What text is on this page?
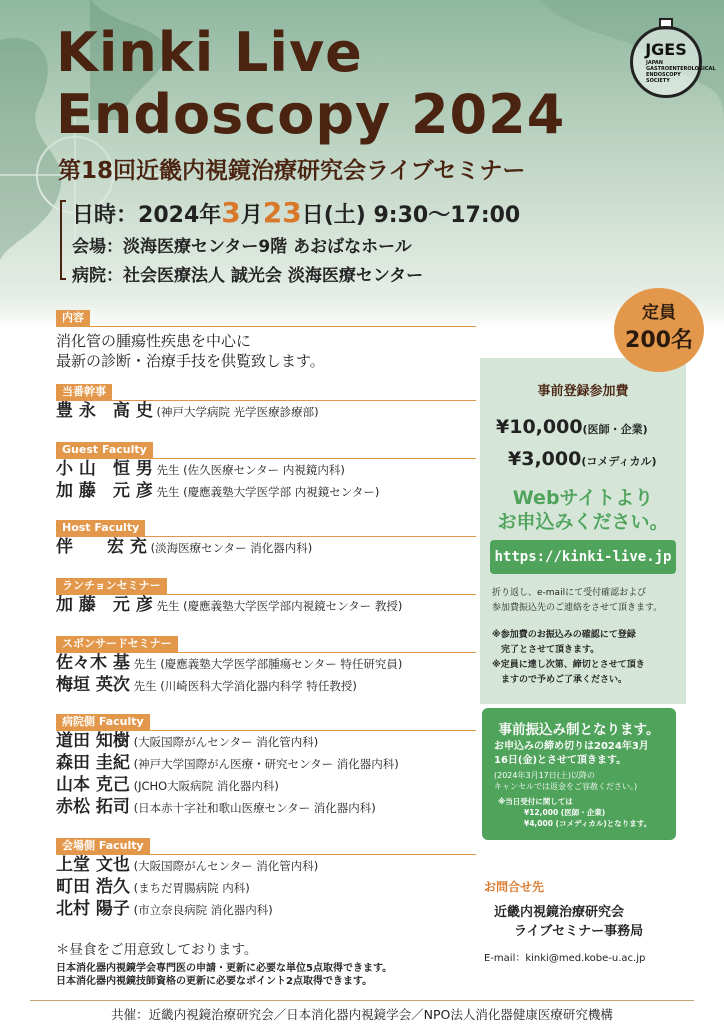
Kinki Live
Endoscopy 2024
JGES
JAPAN
GASTROENTEROLOGICAL
ENDOSCOPY
SOCIETY
第18回近畿内視鏡治療研究会ライブセミナー
日時：2024年3月23日(土) 9:30〜17:00
会場：淡海医療センター9階 あおばなホール
病院：社会医療法人 誠光会 淡海医療センター
内容
消化管の腫瘍性疾患を中心に
最新の診断・治療手技を供覧致します。
当番幹事
豊 永　高 史 (神戸大学病院 光学医療診療部)
Guest Faculty
小 山　恒 男 先生 (佐久医療センター 内視鏡内科)
加 藤　元 彦 先生 (慶應義塾大学医学部 内視鏡センター)
Host Faculty
伴　　宏 充 (淡海医療センター 消化器内科)
ランチョンセミナー
加 藤　元 彦 先生 (慶應義塾大学医学部内視鏡センター 教授)
スポンサードセミナー
佐々木 基 先生 (慶應義塾大学医学部腫瘍センター 特任研究員)
梅垣 英次 先生 (川崎医科大学消化器内科学 特任教授)
病院側 Faculty
道田 知樹 (大阪国際がんセンター 消化管内科)
森田 圭紀 (神戸大学国際がん医療・研究センター 消化器内科)
山本 克己 (JCHO大阪病院 消化器内科)
赤松 拓司 (日本赤十字社和歌山医療センター 消化器内科)
会場側 Faculty
上堂 文也 (大阪国際がんセンター 消化管内科)
町田 浩久 (まちだ胃腸病院 内科)
北村 陽子 (市立奈良病院 消化器内科)
＊昼食をご用意致しております。
日本消化器内視鏡学会専門医の申請・更新に必要な単位5点取得できます。
日本消化器内視鏡技師資格の更新に必要なポイント2点取得できます。
事前登録参加費
¥10,000(医師・企業)
¥3,000(コメディカル)
Webサイトより
お申込みください。
https://kinki-live.jp
折り返し、e-mailにて受付確認および
参加費振込先のご連絡をさせて頂きます。
※参加費のお振込みの確認にて登録
　完了とさせて頂きます。
※定員に達し次第、締切とさせて頂き
　ますので予めご了承ください。
定員
200名
事前振込み制となります。
お申込みの締め切りは2024年3月
16日(金)とさせて頂きます。
(2024年3月17日(土)以降の
キャンセルでは返金をご容赦ください。)
※当日受付に関しては
¥12,000 (医師・企業)
¥4,000 (コメディカル)となります。
お問合せ先
近畿内視鏡治療研究会
ライブセミナー事務局
E-mail：kinki@med.kobe-u.ac.jp
共催：近畿内視鏡治療研究会／日本消化器内視鏡学会／NPO法人消化器健康医療研究機構
